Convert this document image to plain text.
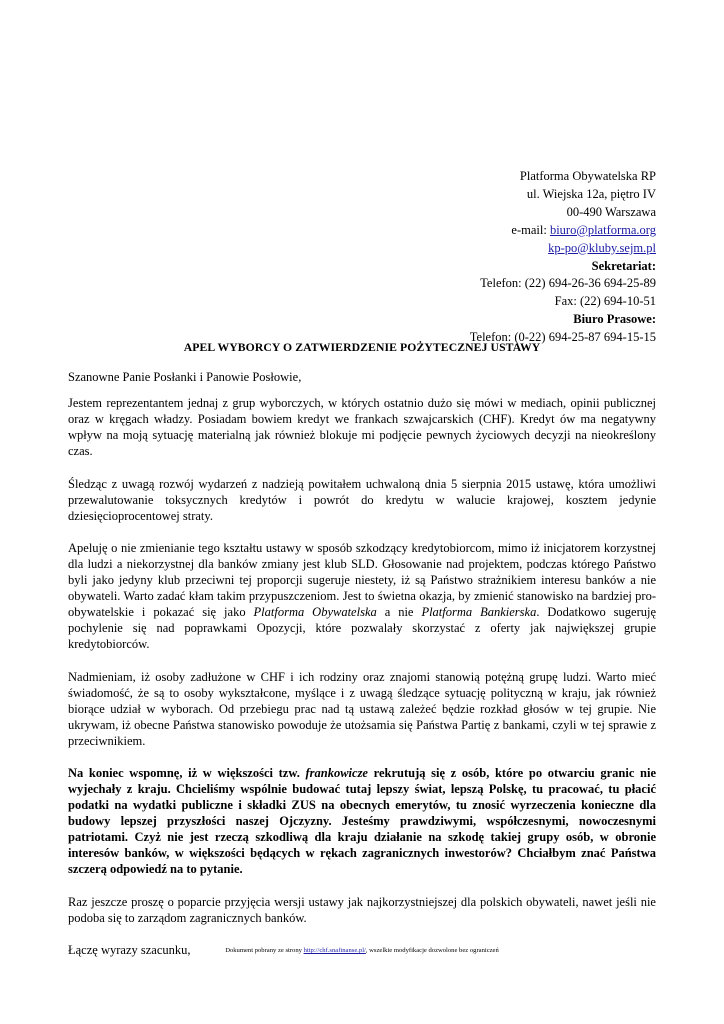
Platforma Obywatelska RP
ul. Wiejska 12a, piętro IV
00-490 Warszawa
e-mail: biuro@platforma.org
kp-po@kluby.sejm.pl
Sekretariat:
Telefon: (22) 694-26-36 694-25-89
Fax: (22) 694-10-51
Biuro Prasowe:
Telefon: (0-22) 694-25-87 694-15-15
APEL WYBORCY O ZATWIERDZENIE POŻYTECZNEJ USTAWY

Szanowne Panie Posłanki i Panowie Posłowie,

Jestem reprezentantem jednaj z grup wyborczych, w których ostatnio dużo się mówi w mediach, opinii publicznej oraz w kręgach władzy. Posiadam bowiem kredyt we frankach szwajcarskich (CHF). Kredyt ów ma negatywny wpływ na moją sytuację materialną jak również blokuje mi podjęcie pewnych życiowych decyzji na nieokreślony czas.

Śledząc z uwagą rozwój wydarzeń z nadzieją powitałem uchwaloną dnia 5 sierpnia 2015 ustawę, która umożliwi przewalutowanie toksycznych kredytów i powrót do kredytu w walucie krajowej, kosztem jedynie dziesięcioprocentowej straty.

Apeluję o nie zmienianie tego kształtu ustawy w sposób szkodzący kredytobiorcom, mimo iż inicjatorem korzystnej dla ludzi a niekorzystnej dla banków zmiany jest klub SLD. Głosowanie nad projektem, podczas którego Państwo byli jako jedyny klub przeciwni tej proporcji sugeruje niestety, iż są Państwo strażnikiem interesu banków a nie obywateli. Warto zadać kłam takim przypuszczeniom. Jest to świetna okazja, by zmienić stanowisko na bardziej pro-obywatelskie i pokazać się jako Platforma Obywatelska a nie Platforma Bankierska. Dodatkowo sugeruję pochylenie się nad poprawkami Opozycji, które pozwalały skorzystać z oferty jak największej grupie kredytobiorców.

Nadmieniam, iż osoby zadłużone w CHF i ich rodziny oraz znajomi stanowią potężną grupę ludzi. Warto mieć świadomość, że są to osoby wykształcone, myślące i z uwagą śledzące sytuację polityczną w kraju, jak również biorące udział w wyborach. Od przebiegu prac nad tą ustawą zależeć będzie rozkład głosów w tej grupie. Nie ukrywam, iż obecne Państwa stanowisko powoduje że utożsamia się Państwa Partię z bankami, czyli w tej sprawie z przeciwnikiem.

Na koniec wspomnę, iż w większości tzw. frankowicze rekrutują się z osób, które po otwarciu granic nie wyjechały z kraju. Chcieliśmy wspólnie budować tutaj lepszy świat, lepszą Polskę, tu pracować, tu płacić podatki na wydatki publiczne i składki ZUS na obecnych emerytów, tu znosić wyrzeczenia konieczne dla budowy lepszej przyszłości naszej Ojczyzny. Jesteśmy prawdziwymi, współczesnymi, nowoczesnymi patriotami. Czyż nie jest rzeczą szkodliwą dla kraju działanie na szkodę takiej grupy osób, w obronie interesów banków, w większości będących w rękach zagranicznych inwestorów? Chciałbym znać Państwa szczerą odpowiedź na to pytanie.

Raz jeszcze proszę o poparcie przyjęcia wersji ustawy jak najkorzystniejszej dla polskich obywateli, nawet jeśli nie podoba się to zarządom zagranicznych banków.

Łączę wyrazy szacunku,	Dokument pobrany ze strony http://chf.snafinanse.pl/, wszelkie modyfikacje dozwolone bez ograniczeń
